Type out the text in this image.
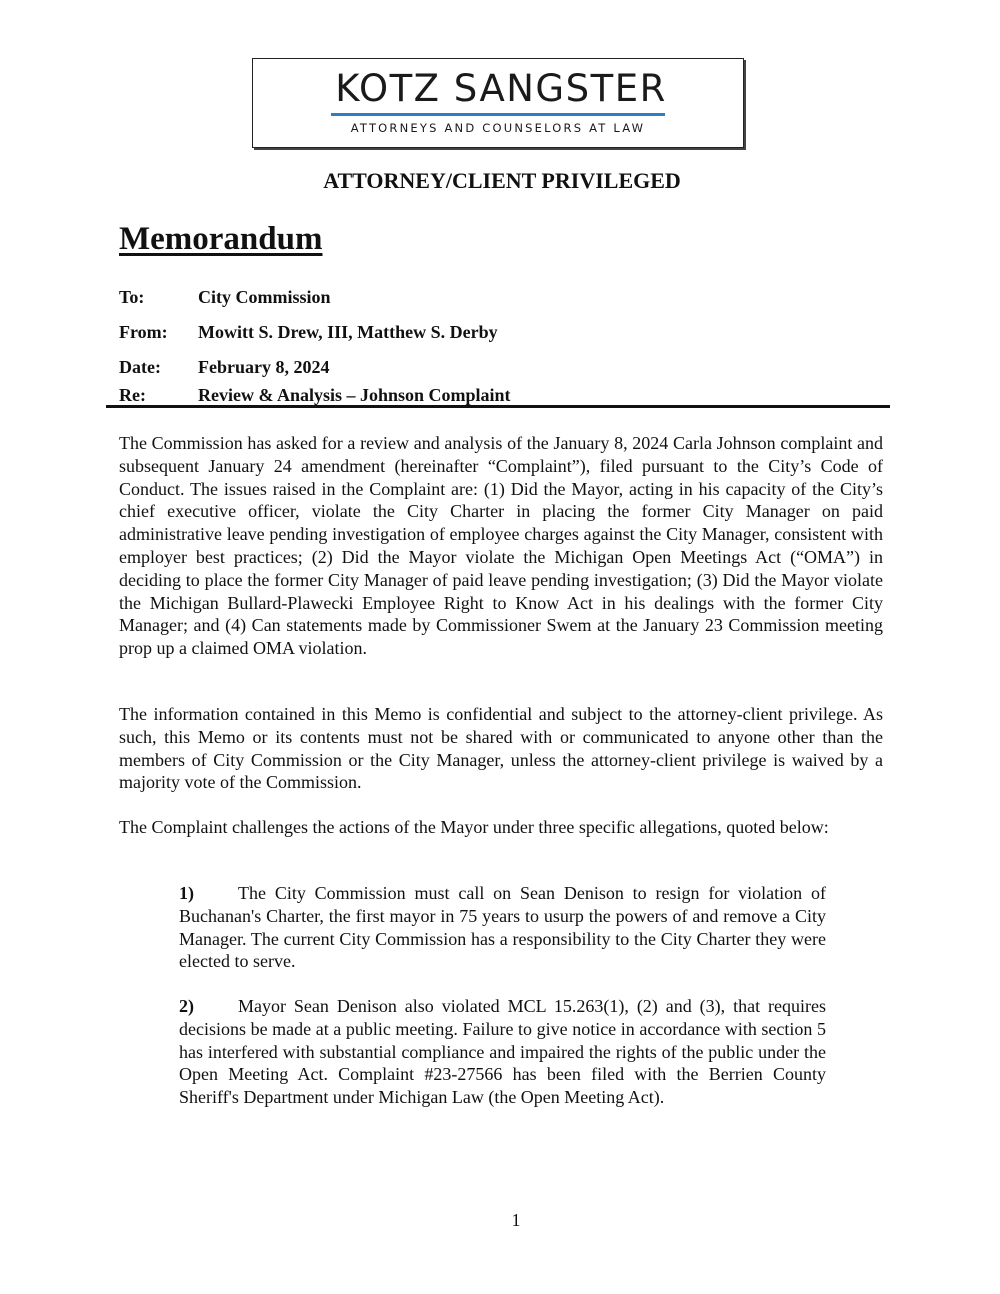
KOTZ SANGSTER
ATTORNEYS AND COUNSELORS AT LAW
ATTORNEY/CLIENT PRIVILEGED
Memorandum
To:	City Commission
From: Mowitt S. Drew, III, Matthew S. Derby
Date: February 8, 2024
Re:	Review & Analysis – Johnson Complaint

The Commission has asked for a review and analysis of the January 8, 2024 Carla Johnson complaint and subsequent January 24 amendment (hereinafter “Complaint”), filed pursuant to the City’s Code of Conduct. The issues raised in the Complaint are: (1) Did the Mayor, acting in his capacity of the City’s chief executive officer, violate the City Charter in placing the former City Manager on paid administrative leave pending investigation of employee charges against the City Manager, consistent with employer best practices; (2) Did the Mayor violate the Michigan Open Meetings Act (“OMA”) in deciding to place the former City Manager of paid leave pending investigation; (3) Did the Mayor violate the Michigan Bullard-Plawecki Employee Right to Know Act in his dealings with the former City Manager; and (4) Can statements made by Commissioner Swem at the January 23 Commission meeting prop up a claimed OMA violation.

The information contained in this Memo is confidential and subject to the attorney-client privilege. As such, this Memo or its contents must not be shared with or communicated to anyone other than the members of City Commission or the City Manager, unless the attorney-client privilege is waived by a majority vote of the Commission.

The Complaint challenges the actions of the Mayor under three specific allegations, quoted below:

1) The City Commission must call on Sean Denison to resign for violation of Buchanan's Charter, the first mayor in 75 years to usurp the powers of and remove a City Manager. The current City Commission has a responsibility to the City Charter they were elected to serve.

2) Mayor Sean Denison also violated MCL 15.263(1), (2) and (3), that requires decisions be made at a public meeting. Failure to give notice in accordance with section 5 has interfered with substantial compliance and impaired the rights of the public under the Open Meeting Act. Complaint #23-27566 has been filed with the Berrien County Sheriff's Department under Michigan Law (the Open Meeting Act).

1
